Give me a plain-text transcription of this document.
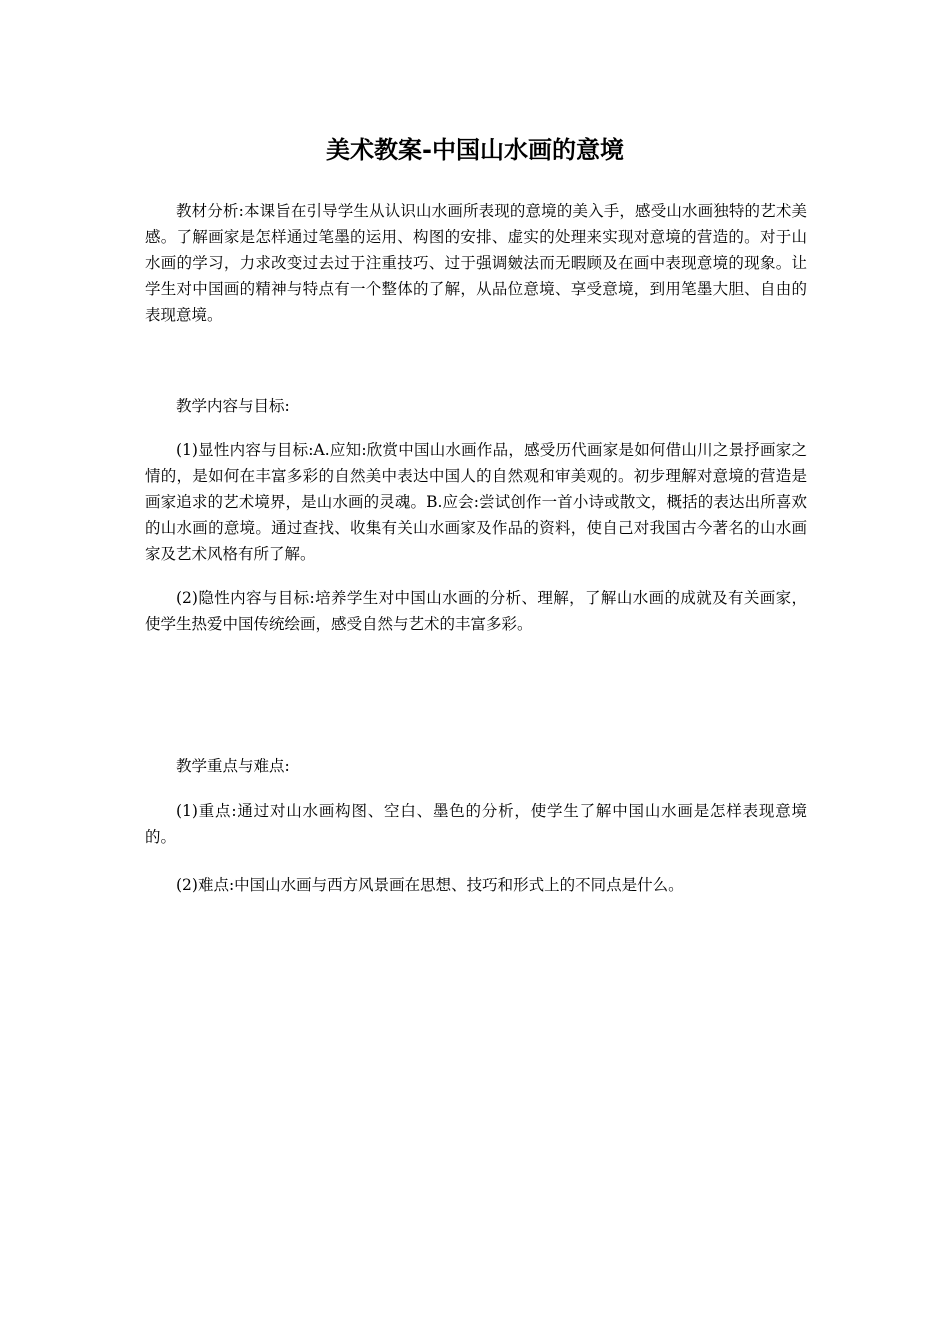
美术教案-中国山水画的意境

教材分析:本课旨在引导学生从认识山水画所表现的意境的美入手，感受山水画独特的艺术美感。了解画家是怎样通过笔墨的运用、构图的安排、虚实的处理来实现对意境的营造的。对于山水画的学习，力求改变过去过于注重技巧、过于强调皴法而无暇顾及在画中表现意境的现象。让学生对中国画的精神与特点有一个整体的了解，从品位意境、享受意境，到用笔墨大胆、自由的表现意境。

教学内容与目标:

(1)显性内容与目标:A.应知:欣赏中国山水画作品，感受历代画家是如何借山川之景抒画家之情的，是如何在丰富多彩的自然美中表达中国人的自然观和审美观的。初步理解对意境的营造是画家追求的艺术境界，是山水画的灵魂。B.应会:尝试创作一首小诗或散文，概括的表达出所喜欢的山水画的意境。通过查找、收集有关山水画家及作品的资料，使自己对我国古今著名的山水画家及艺术风格有所了解。

(2)隐性内容与目标:培养学生对中国山水画的分析、理解，了解山水画的成就及有关画家，使学生热爱中国传统绘画，感受自然与艺术的丰富多彩。

教学重点与难点:

(1)重点:通过对山水画构图、空白、墨色的分析，使学生了解中国山水画是怎样表现意境的。

(2)难点:中国山水画与西方风景画在思想、技巧和形式上的不同点是什么。
